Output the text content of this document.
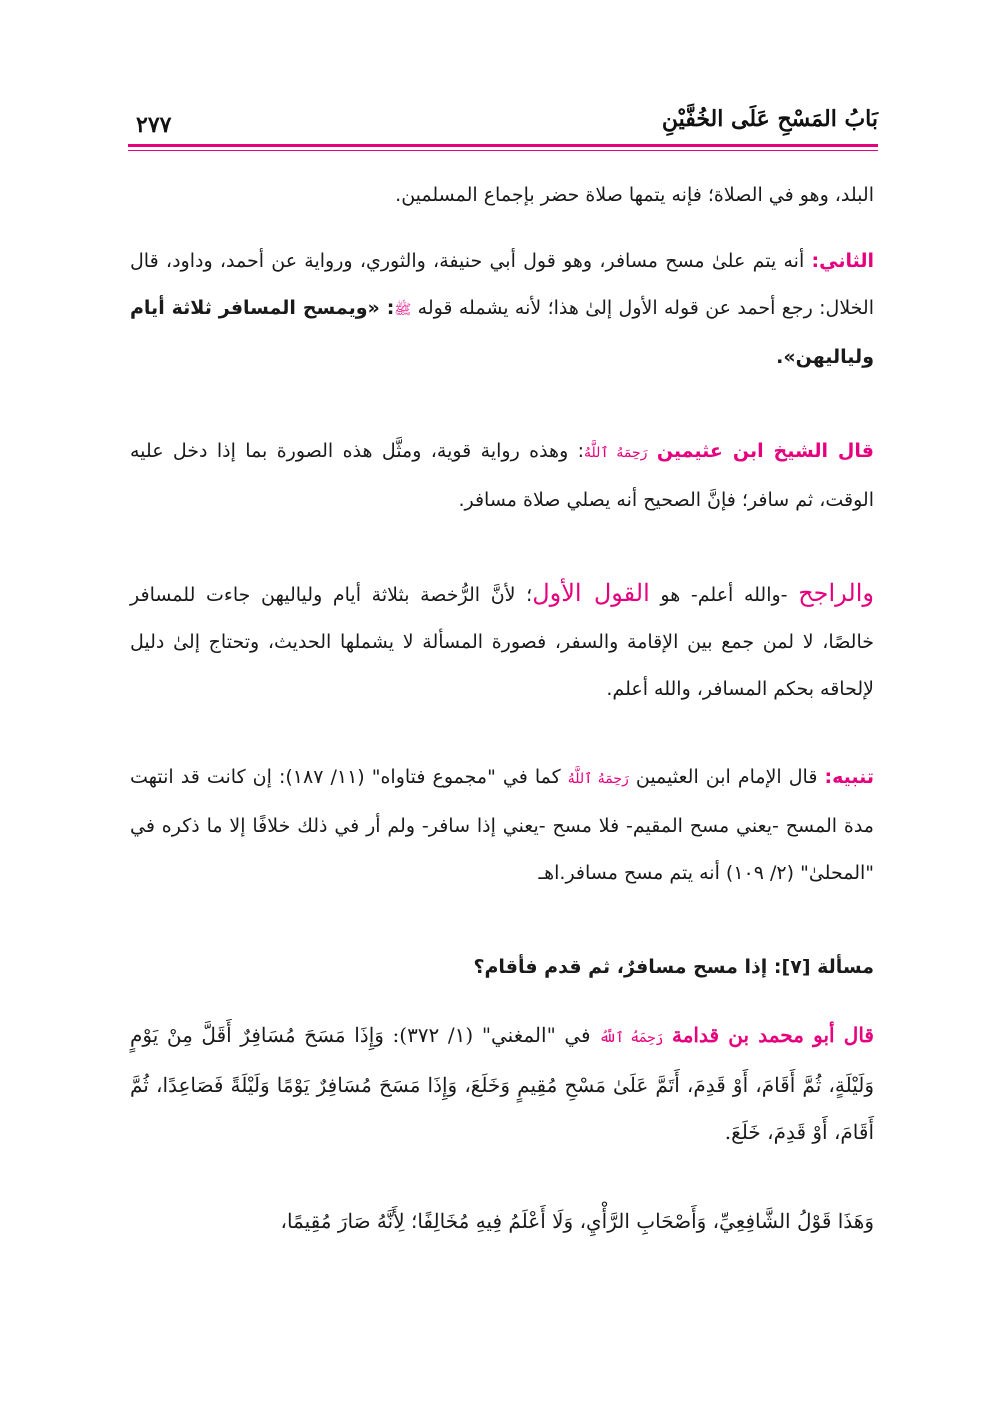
بَابُ المَسْحِ عَلَى الخُفَّيْنِ
٢٧٧

البلد، وهو في الصلاة؛ فإنه يتمها صلاة حضر بإجماع المسلمين.

الثاني: أنه يتم علىٰ مسح مسافر، وهو قول أبي حنيفة، والثوري، ورواية عن أحمد، وداود، قال الخلال: رجع أحمد عن قوله الأول إلىٰ هذا؛ لأنه يشمله قوله ﷺ: «ويمسح المسافر ثلاثة أيام ولياليهن».

قال الشيخ ابن عثيمين رَحِمَهُ ٱللَّهُ: وهذه رواية قوية، ومثَّل هذه الصورة بما إذا دخل عليه الوقت، ثم سافر؛ فإنَّ الصحيح أنه يصلي صلاة مسافر.

والراجح -والله أعلم- هو القول الأول؛ لأنَّ الرُّخصة بثلاثة أيام ولياليهن جاءت للمسافر خالصًا، لا لمن جمع بين الإقامة والسفر، فصورة المسألة لا يشملها الحديث، وتحتاج إلىٰ دليل لإلحاقه بحكم المسافر، والله أعلم.

تنبيه: قال الإمام ابن العثيمين رَحِمَهُ ٱللَّهُ كما في "مجموع فتاواه" (١١/ ١٨٧): إن كانت قد انتهت مدة المسح -يعني مسح المقيم- فلا مسح -يعني إذا سافر- ولم أر في ذلك خلافًا إلا ما ذكره في "المحلىٰ" (٢/ ١٠٩) أنه يتم مسح مسافر.اهـ

مسألة [٧]: إذا مسح مسافرٌ، ثم قدم فأقام؟

قال أبو محمد بن قدامة رَحِمَهُ ٱللَّهُ في "المغني" (١/ ٣٧٢): وَإِذَا مَسَحَ مُسَافِرٌ أَقَلَّ مِنْ يَوْمٍ وَلَيْلَةٍ، ثُمَّ أَقَامَ، أَوْ قَدِمَ، أَتَمَّ عَلَىٰ مَسْحِ مُقِيمٍ وَخَلَعَ، وَإِذَا مَسَحَ مُسَافِرٌ يَوْمًا وَلَيْلَةً فَصَاعِدًا، ثُمَّ أَقَامَ، أَوْ قَدِمَ، خَلَعَ.

وَهَذَا قَوْلُ الشَّافِعِيِّ، وَأَصْحَابِ الرَّأْيِ، وَلَا أَعْلَمُ فِيهِ مُخَالِفًا؛ لِأَنَّهُ صَارَ مُقِيمًا،
